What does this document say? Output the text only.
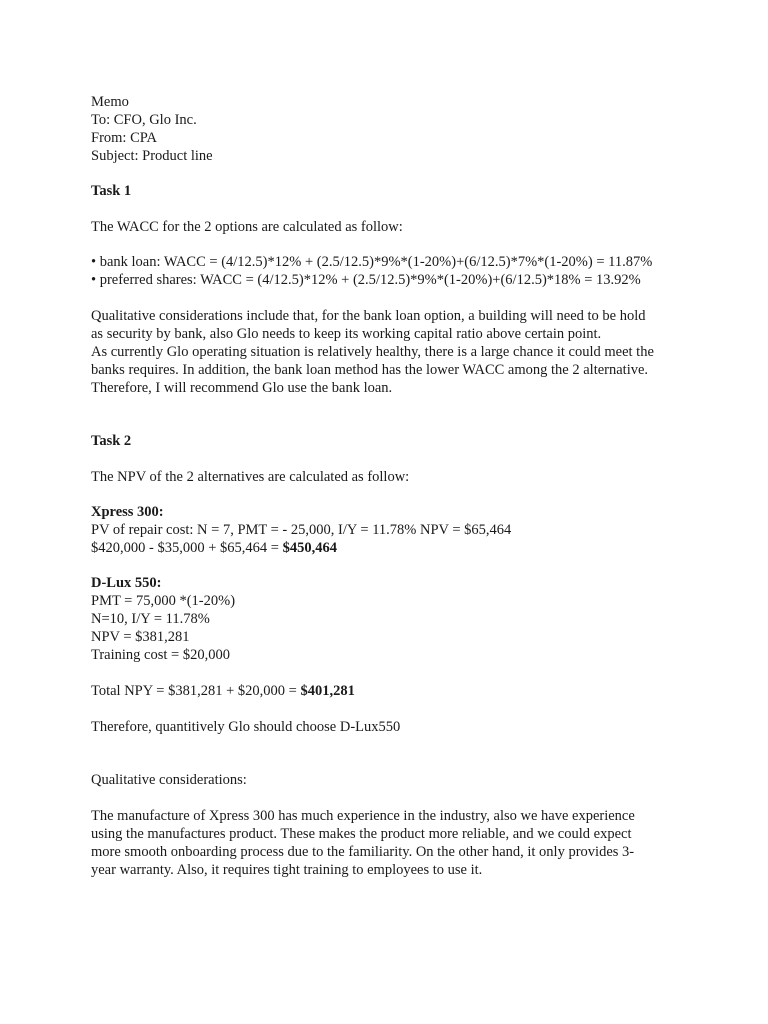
Memo
To: CFO, Glo Inc.
From: CPA
Subject: Product line
Task 1
The WACC for the 2 options are calculated as follow:
• bank loan: WACC = (4/12.5)*12% + (2.5/12.5)*9%*(1-20%)+(6/12.5)*7%*(1-20%) = 11.87%
• preferred shares: WACC = (4/12.5)*12% + (2.5/12.5)*9%*(1-20%)+(6/12.5)*18% = 13.92%
Qualitative considerations include that, for the bank loan option, a building will need to be hold
as security by bank, also Glo needs to keep its working capital ratio above certain point.
As currently Glo operating situation is relatively healthy, there is a large chance it could meet the
banks requires. In addition, the bank loan method has the lower WACC among the 2 alternative.
Therefore, I will recommend Glo use the bank loan.
Task 2
The NPV of the 2 alternatives are calculated as follow:
Xpress 300:
PV of repair cost: N = 7, PMT = - 25,000, I/Y = 11.78% NPV = $65,464
$420,000 - $35,000 + $65,464 = $450,464
D-Lux 550:
PMT = 75,000 *(1-20%)
N=10, I/Y = 11.78%
NPV = $381,281
Training cost = $20,000
Total NPY = $381,281 + $20,000 = $401,281
Therefore, quantitively Glo should choose D-Lux550
Qualitative considerations:
The manufacture of Xpress 300 has much experience in the industry, also we have experience
using the manufactures product. These makes the product more reliable, and we could expect
more smooth onboarding process due to the familiarity. On the other hand, it only provides 3-
year warranty. Also, it requires tight training to employees to use it.
